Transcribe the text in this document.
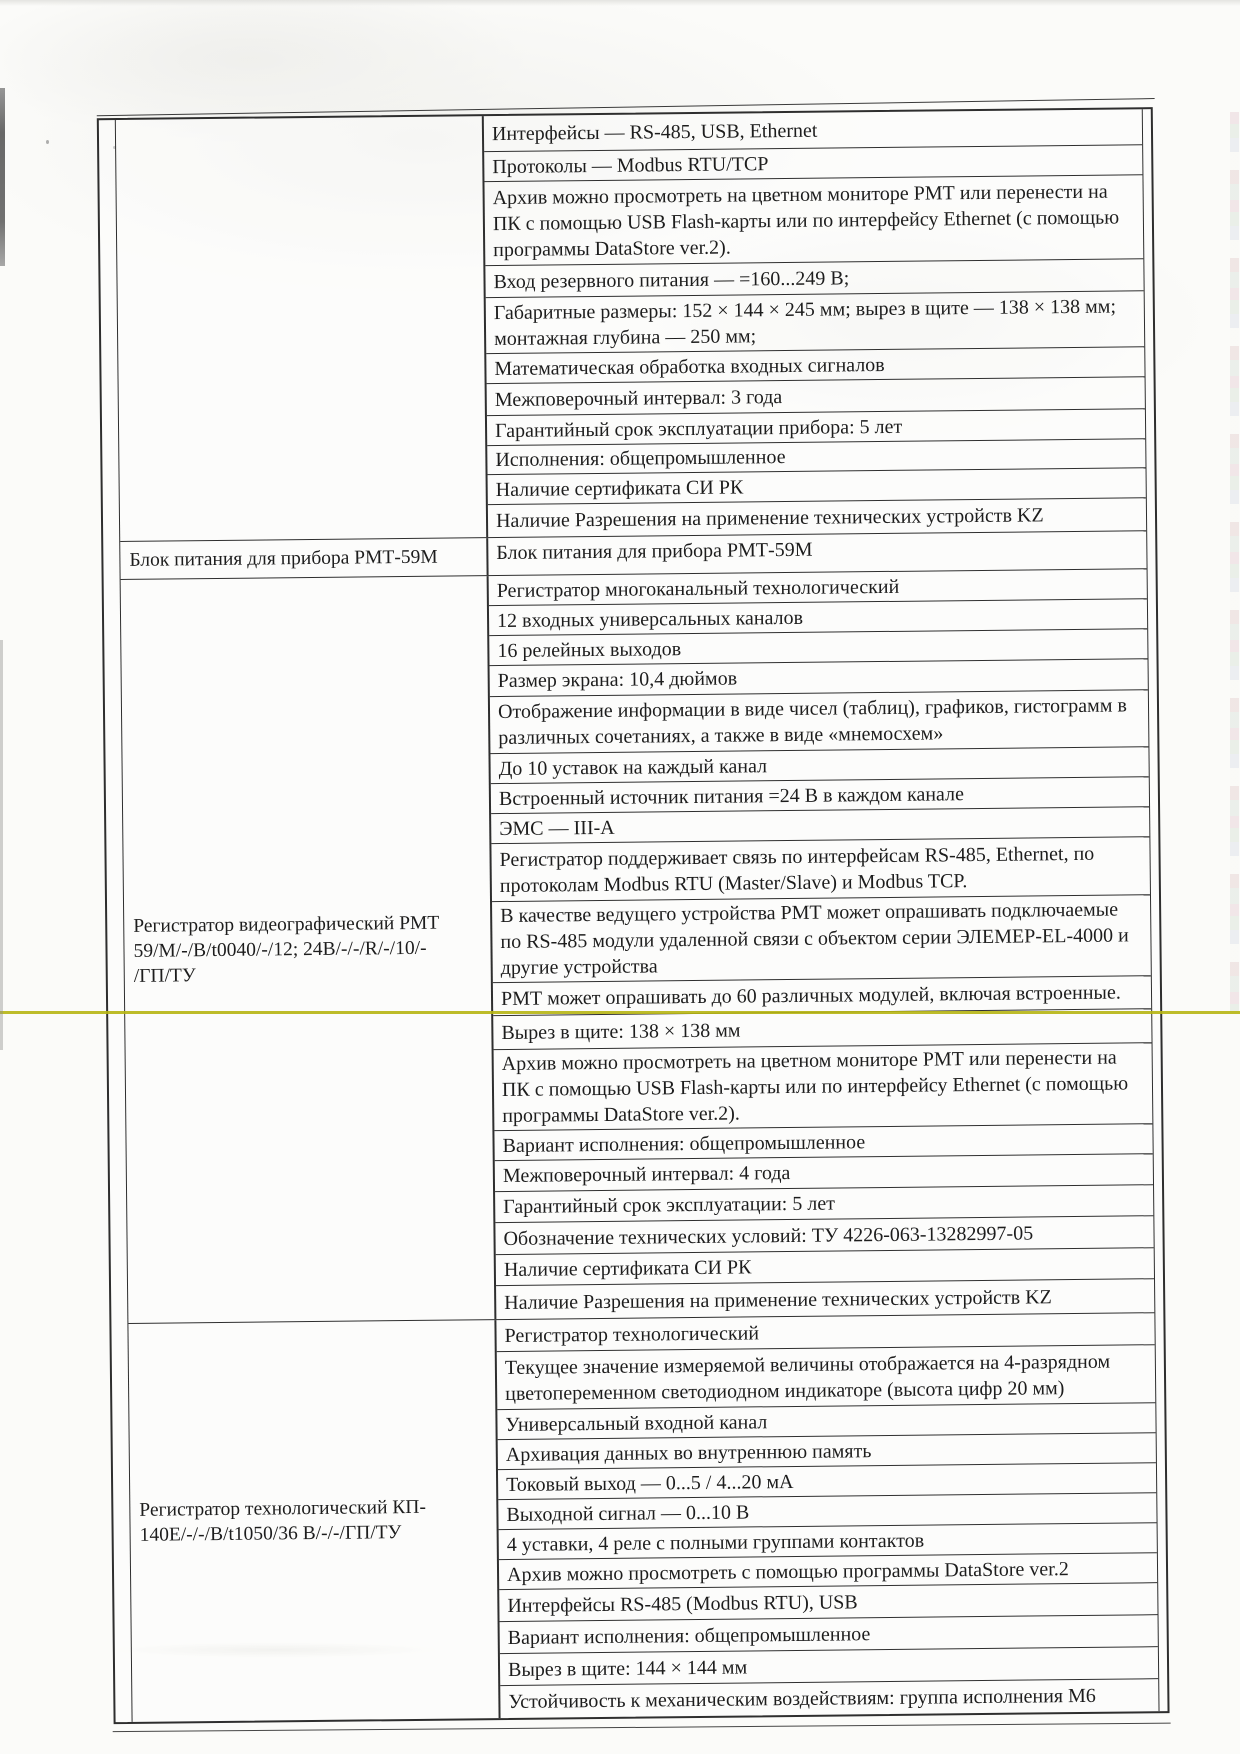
Интерфейсы — RS-485, USB, Ethernet
Протоколы — Modbus RTU/TCP
Архив можно просмотреть на цветном мониторе РМТ или перенести на ПК с помощью USB Flash-карты или по интерфейсу Ethernet (с помощью программы DataStore ver.2).
Вход резервного питания — =160...249 В;
Габаритные размеры: 152 × 144 × 245 мм; вырез в щите — 138 × 138 мм; монтажная глубина — 250 мм;
Математическая обработка входных сигналов
Межповерочный интервал: 3 года
Гарантийный срок эксплуатации прибора: 5 лет
Исполнения: общепромышленное
Наличие сертификата СИ РК
Наличие Разрешения на применение технических устройств KZ
Блок питания для прибора РМТ-59М	Блок питания для прибора РМТ-59М
Регистратор видеографический РМТ
59/М/-/В/t0040/-/12; 24В/-/-/R/-/10/-
/ГП/ТУ
Регистратор многоканальный технологический
12 входных универсальных каналов
16 релейных выходов
Размер экрана: 10,4 дюймов
Отображение информации в виде чисел (таблиц), графиков, гистограмм в различных сочетаниях, а также в виде «мнемосхем»
До 10 уставок на каждый канал
Встроенный источник питания =24 В в каждом канале
ЭМС — III-А
Регистратор поддерживает связь по интерфейсам RS-485, Ethernet, по протоколам Modbus RTU (Master/Slave) и Modbus TCP.
В качестве ведущего устройства РМТ может опрашивать подключаемые по RS-485 модули удаленной связи с объектом серии ЭЛЕМЕР-EL-4000 и другие устройства
РМТ может опрашивать до 60 различных модулей, включая встроенные.
Вырез в щите: 138 × 138 мм
Архив можно просмотреть на цветном мониторе РМТ или перенести на ПК с помощью USB Flash-карты или по интерфейсу Ethernet (с помощью программы DataStore ver.2).
Вариант исполнения: общепромышленное
Межповерочный интервал: 4 года
Гарантийный срок эксплуатации: 5 лет
Обозначение технических условий: ТУ 4226-063-13282997-05
Наличие сертификата СИ РК
Наличие Разрешения на применение технических устройств KZ
Регистратор технологический КП-
140Е/-/-/В/t1050/36 В/-/-/ГП/ТУ
Регистратор технологический
Текущее значение измеряемой величины отображается на 4-разрядном цветопеременном светодиодном индикаторе (высота цифр 20 мм)
Универсальный входной канал
Архивация данных во внутреннюю память
Токовый выход — 0...5 / 4...20 мА
Выходной сигнал — 0...10 В
4 уставки, 4 реле с полными группами контактов
Архив можно просмотреть с помощью программы DataStore ver.2
Интерфейсы RS-485 (Modbus RTU), USB
Вариант исполнения: общепромышленное
Вырез в щите: 144 × 144 мм
Устойчивость к механическим воздействиям: группа исполнения М6
